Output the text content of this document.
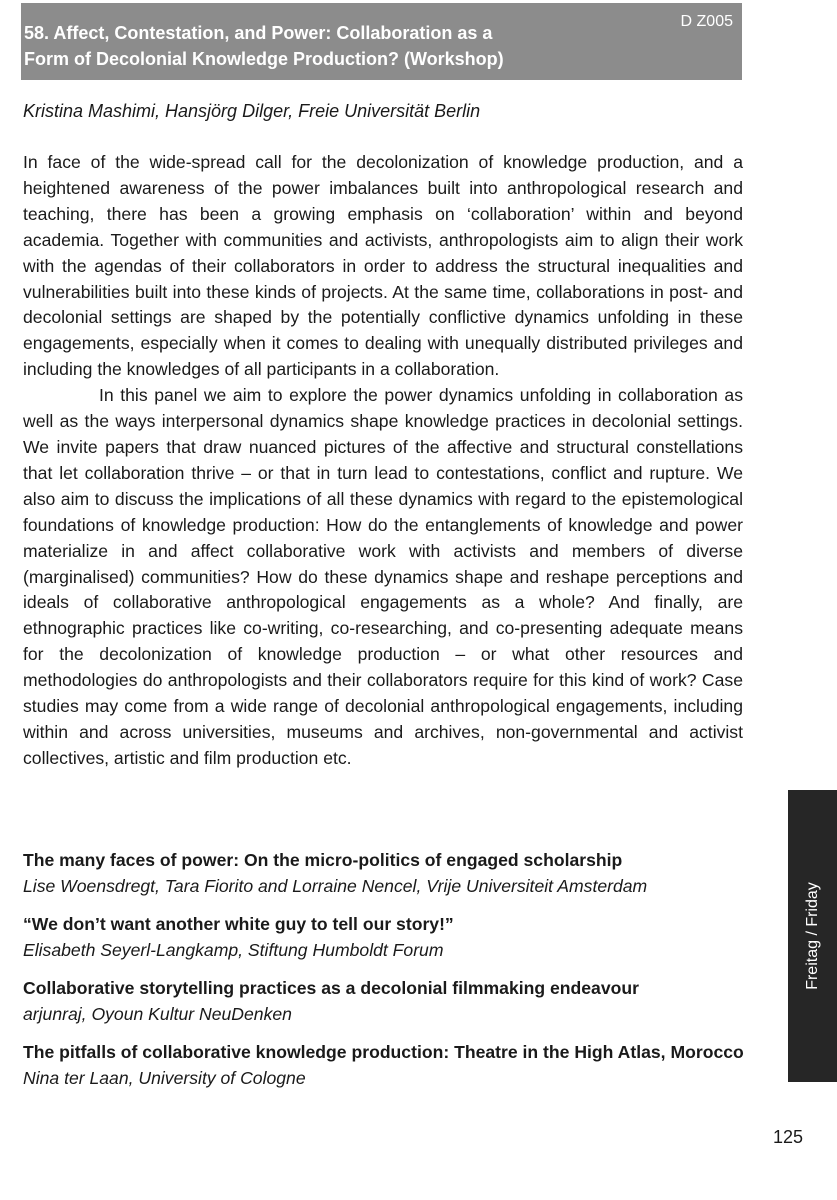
58. Affect, Contestation, and Power: Collaboration as a
Form of Decolonial Knowledge Production? (Workshop)
D Z005
Kristina Mashimi, Hansjörg Dilger, Freie Universität Berlin

In face of the wide-spread call for the decolonization of knowledge production, and a heightened awareness of the power imbalances built into anthropological research and teaching, there has been a growing emphasis on ‘collaboration’ within and beyond academia. Together with communities and activists, anthropologists aim to align their work with the agendas of their collaborators in order to address the structural inequalities and vulnerabilities built into these kinds of projects. At the same time, collaborations in post- and decolonial settings are shaped by the potentially conflictive dynamics unfolding in these engagements, especially when it comes to dealing with unequally distributed privileges and including the knowledges of all participants in a collaboration.

In this panel we aim to explore the power dynamics unfolding in collaboration as well as the ways interpersonal dynamics shape knowledge practices in decolonial settings. We invite papers that draw nuanced pictures of the affective and structural constellations that let collaboration thrive – or that in turn lead to contestations, conflict and rupture. We also aim to discuss the implications of all these dynamics with regard to the epistemological foundations of knowledge production: How do the entanglements of knowledge and power materialize in and affect collaborative work with activists and members of diverse (marginalised) communities? How do these dynamics shape and reshape perceptions and ideals of collaborative anthropological engagements as a whole? And finally, are ethnographic practices like co-writing, co-researching, and co-presenting adequate means for the decolonization of knowledge production – or what other resources and methodologies do anthropologists and their collaborators require for this kind of work? Case studies may come from a wide range of decolonial anthropological engagements, including within and across universities, museums and archives, non-governmental and activist collectives, artistic and film production etc.

The many faces of power: On the micro-politics of engaged scholarship
Lise Woensdregt, Tara Fiorito and Lorraine Nencel, Vrije Universiteit Amsterdam
“We don’t want another white guy to tell our story!”
Elisabeth Seyerl-Langkamp, Stiftung Humboldt Forum
Collaborative storytelling practices as a decolonial filmmaking endeavour
arjunraj, Oyoun Kultur NeuDenken
The pitfalls of collaborative knowledge production: Theatre in the High Atlas, Morocco
Nina ter Laan, University of Cologne
Freitag / Friday
125
